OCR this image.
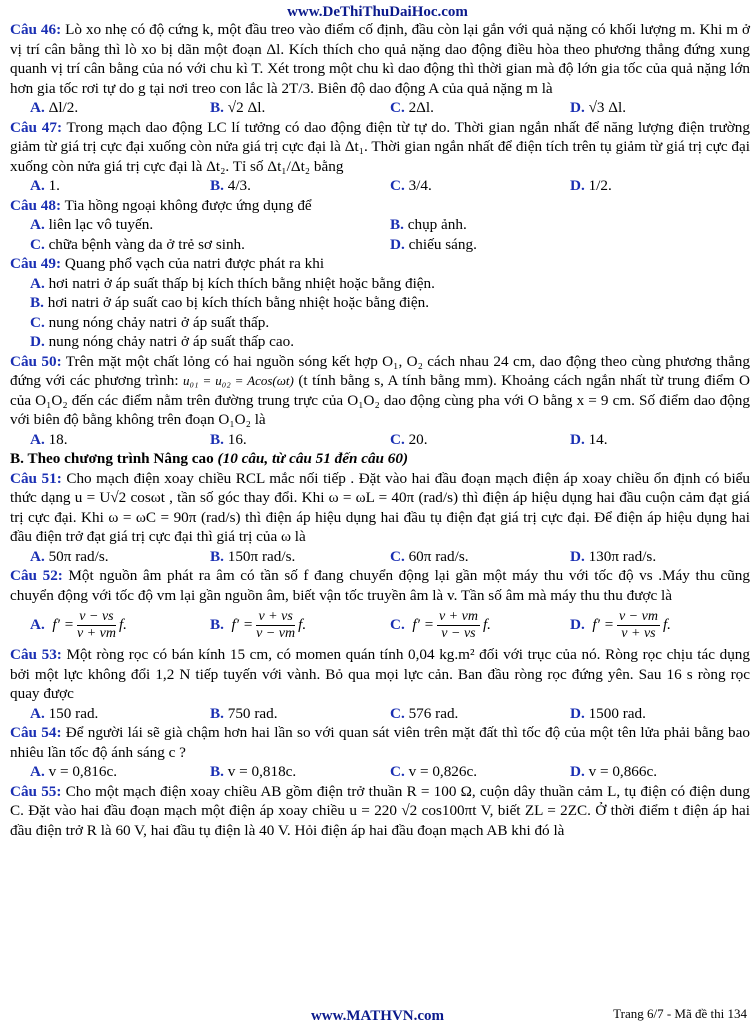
www.DeThiThuDaiHoc.com
Câu 46: Lò xo nhẹ có độ cứng k, một đầu treo vào điểm cố định, đầu còn lại gắn với quả nặng có khối lượng m. Khi m ở vị trí cân bằng thì lò xo bị dãn một đoạn Δl. Kích thích cho quả nặng dao động điều hòa theo phương thẳng đứng xung quanh vị trí cân bằng của nó với chu kì T. Xét trong một chu kì dao động thì thời gian mà độ lớn gia tốc của quả nặng lớn hơn gia tốc rơi tự do g tại nơi treo con lắc là 2T/3. Biên độ dao động A của quả nặng m là
A. Δl/2.	B. √2 Δl.	C. 2Δl.	D. √3 Δl.
Câu 47: Trong mạch dao động LC lí tưởng có dao động điện từ tự do. Thời gian ngắn nhất để năng lượng điện trường giảm từ giá trị cực đại xuống còn nửa giá trị cực đại là Δt₁. Thời gian ngắn nhất để điện tích trên tụ giảm từ giá trị cực đại xuống còn nửa giá trị cực đại là Δt₂. Tỉ số Δt₁/Δt₂ bằng
A. 1.	B. 4/3.	C. 3/4.	D. 1/2.
Câu 48: Tia hồng ngoại không được ứng dụng để
A. liên lạc vô tuyến.	B. chụp ảnh.
C. chữa bệnh vàng da ở trẻ sơ sinh.	D. chiếu sáng.
Câu 49: Quang phổ vạch của natri được phát ra khi
A. hơi natri ở áp suất thấp bị kích thích bằng nhiệt hoặc bằng điện.
B. hơi natri ở áp suất cao bị kích thích bằng nhiệt hoặc bằng điện.
C. nung nóng chảy natri ở áp suất thấp.
D. nung nóng chảy natri ở áp suất thấp cao.
Câu 50: Trên mặt một chất lỏng có hai nguồn sóng kết hợp O₁, O₂ cách nhau 24 cm, dao động theo cùng phương thẳng đứng với các phương trình: u₀₁ = u₀₂ = Acos(ωt) (t tính bằng s, A tính bằng mm). Khoảng cách ngắn nhất từ trung điểm O của O₁O₂ đến các điểm nằm trên đường trung trực của O₁O₂ dao động cùng pha với O bằng x = 9 cm. Số điểm dao động với biên độ bằng không trên đoạn O₁O₂ là
A. 18.	B. 16.	C. 20.	D. 14.
B. Theo chương trình Nâng cao (10 câu, từ câu 51 đến câu 60)
Câu 51: Cho mạch điện xoay chiều RCL mắc nối tiếp . Đặt vào hai đầu đoạn mạch điện áp xoay chiều ổn định có biểu thức dạng u = U√2 cosωt , tần số góc thay đổi. Khi ω = ωL = 40π (rad/s) thì điện áp hiệu dụng hai đầu cuộn cảm đạt giá trị cực đại. Khi ω = ωC = 90π (rad/s) thì điện áp hiệu dụng hai đầu tụ điện đạt giá trị cực đại. Để điện áp hiệu dụng hai đầu điện trở đạt giá trị cực đại thì giá trị của ω là
A. 50π rad/s.	B. 150π rad/s.	C. 60π rad/s.	D. 130π rad/s.
Câu 52: Một nguồn âm phát ra âm có tần số f đang chuyển động lại gần một máy thu với tốc độ vs .Máy thu cũng chuyển động với tốc độ vm lại gần nguồn âm, biết vận tốc truyền âm là v. Tần số âm mà máy thu thu được là
A.
$f' = \frac{v - vs}{v + vm} f$.	B.
$f' = \frac{v + vs}{v - vm} f$.	C.
$f' = \frac{v + vm}{v - vs} f$.	D.
$f' = \frac{v - vm}{v + vs} f$.
Câu 53: Một ròng rọc có bán kính 15 cm, có momen quán tính 0,04 kg.m² đối với trục của nó. Ròng rọc chịu tác dụng bởi một lực không đổi 1,2 N tiếp tuyến với vành. Bỏ qua mọi lực cản. Ban đầu ròng rọc đứng yên. Sau 16 s ròng rọc quay được
A. 150 rad.	B. 750 rad.	C. 576 rad.	D. 1500 rad.
Câu 54: Để người lái sẽ già chậm hơn hai lần so với quan sát viên trên mặt đất thì tốc độ của một tên lửa phải bằng bao nhiêu lần tốc độ ánh sáng c ?
A. v = 0,816c.	B. v = 0,818c.	C. v = 0,826c.	D. v = 0,866c.
Câu 55: Cho một mạch điện xoay chiều AB gồm điện trở thuần R = 100 Ω, cuộn dây thuần cảm L, tụ điện có điện dung C. Đặt vào hai đầu đoạn mạch một điện áp xoay chiều u = 220 √2 cos100πt V, biết ZL = 2ZC. Ở thời điểm t điện áp hai đầu điện trở R là 60 V, hai đầu tụ điện là 40 V. Hỏi điện áp hai đầu đoạn mạch AB khi đó là
www.MATHVN.com	Trang 6/7 - Mã đề thi 134
